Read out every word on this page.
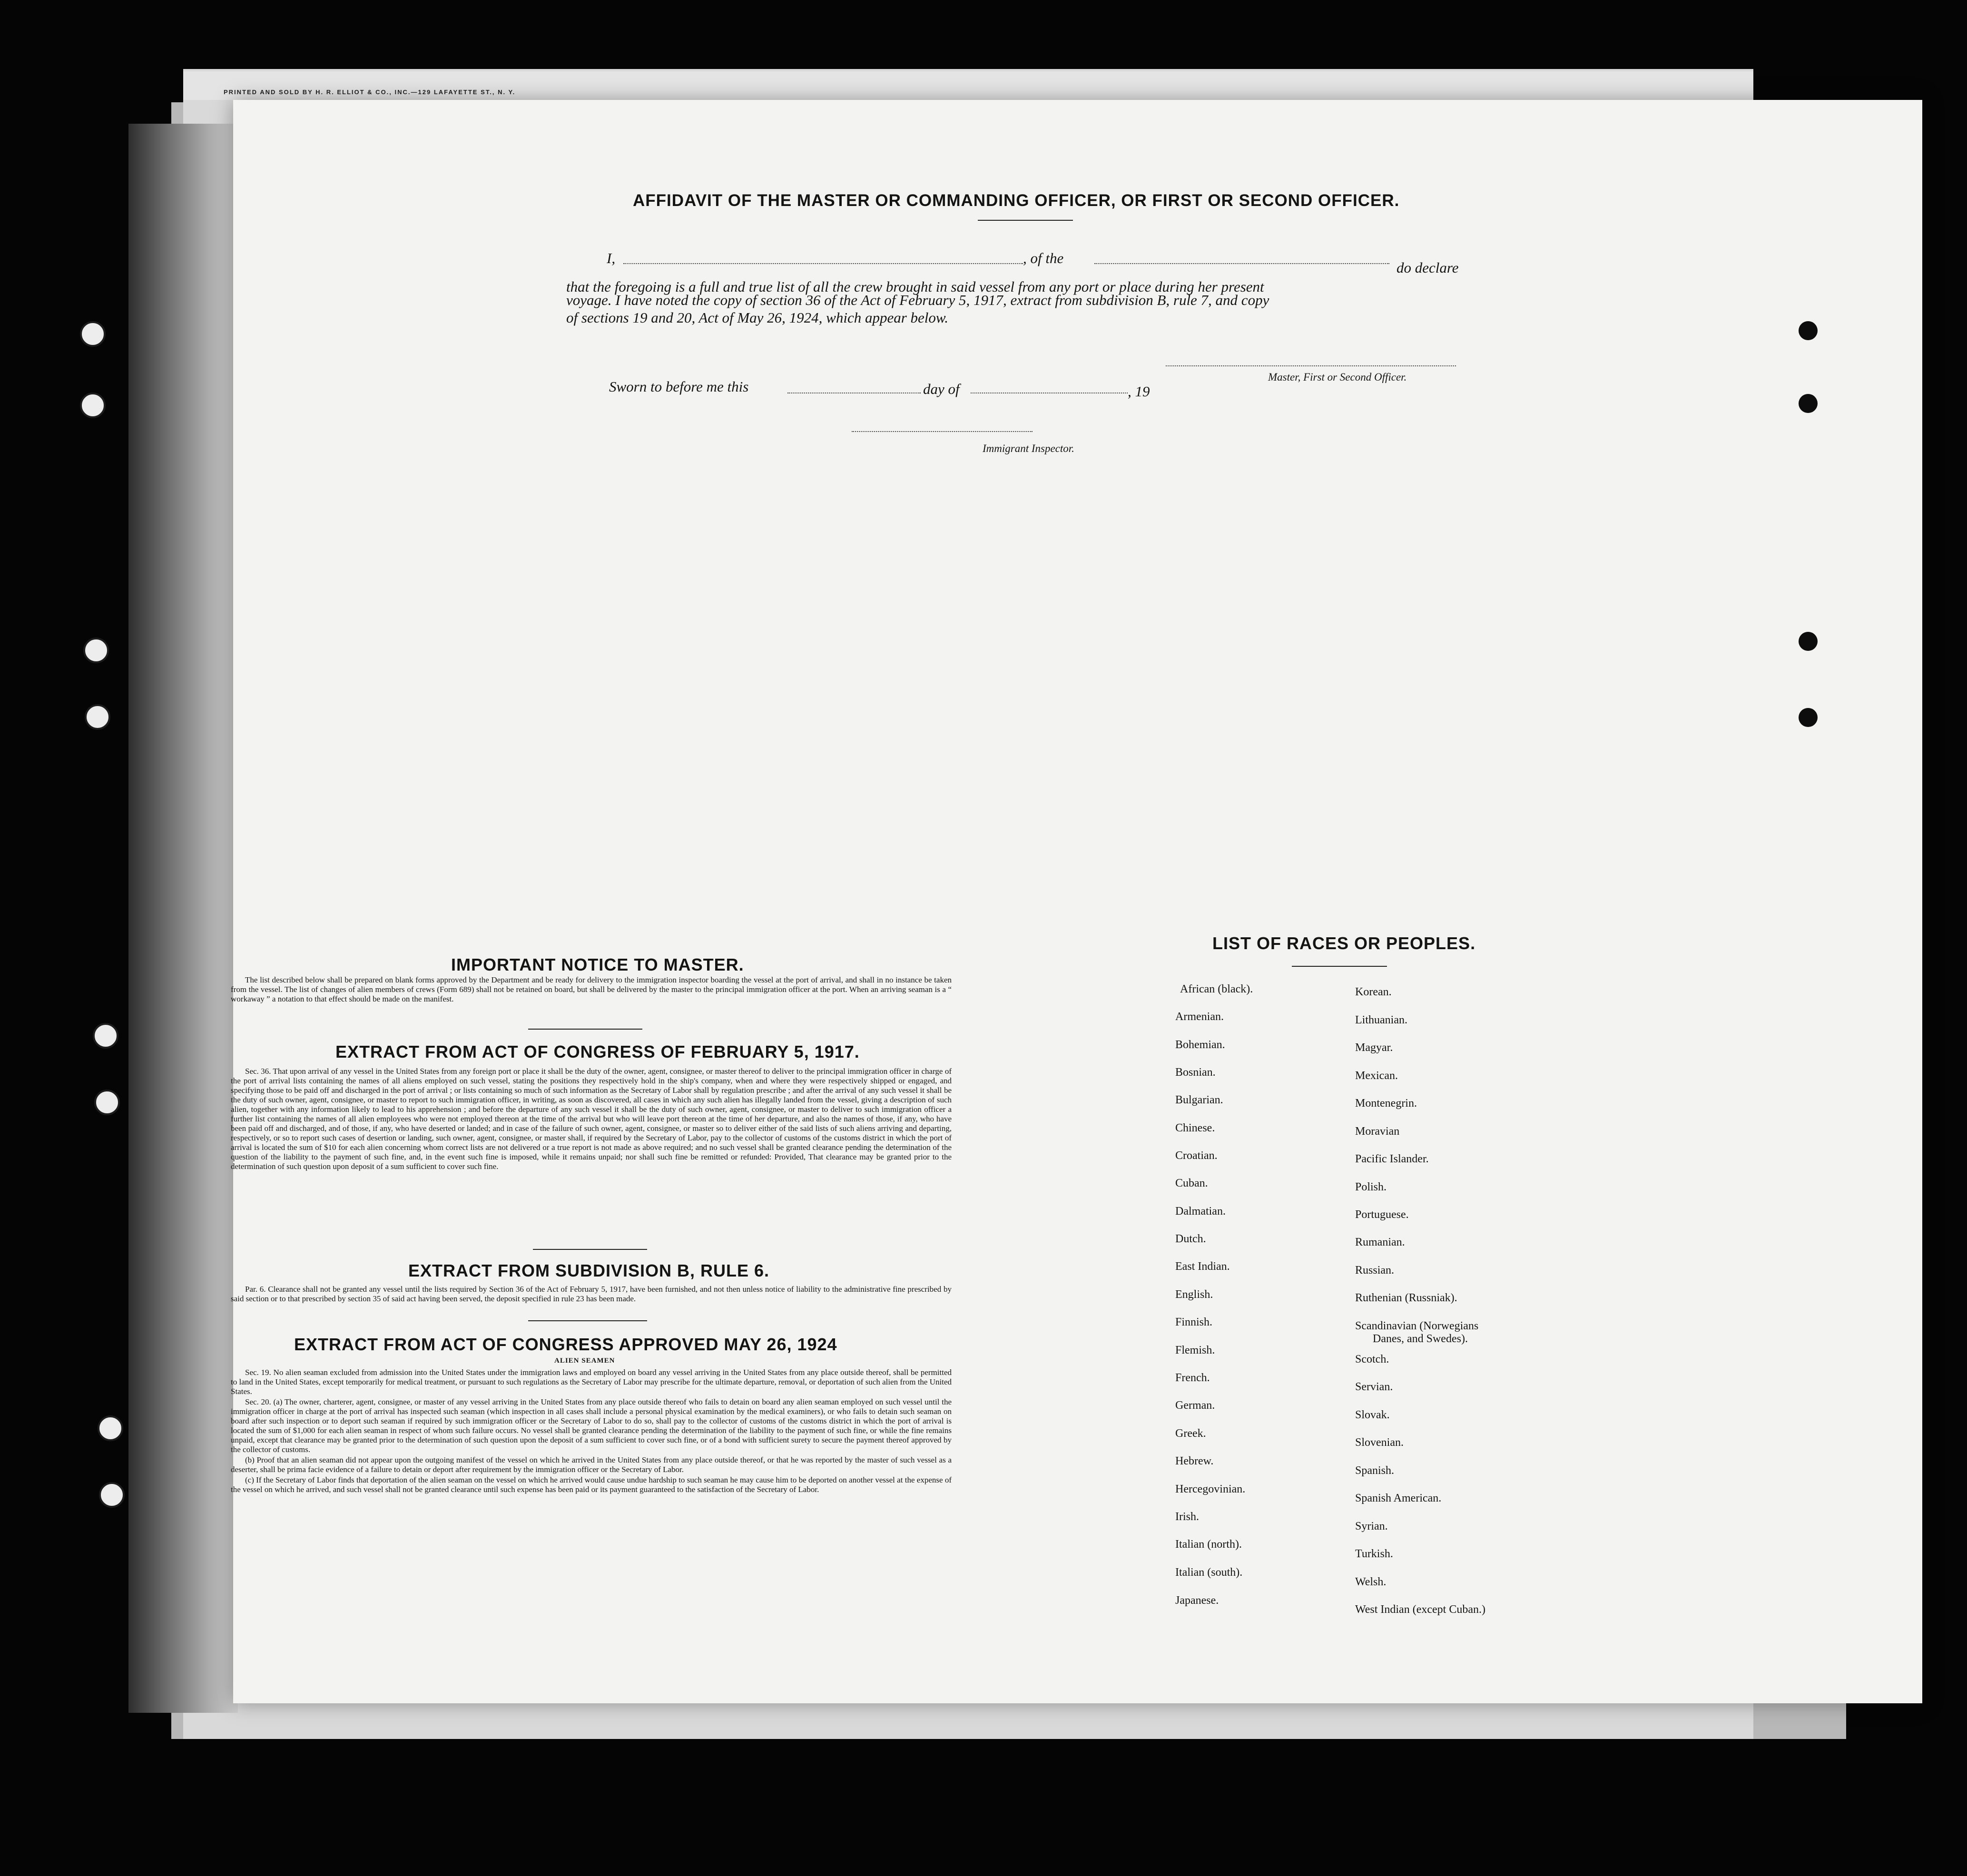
PRINTED AND SOLD BY H. R. ELLIOT & CO., INC.—129 LAFAYETTE ST., N. Y.
AFFIDAVIT OF THE MASTER OR COMMANDING OFFICER, OR FIRST OR SECOND OFFICER.
I,	, of the
do declare
that the foregoing is a full and true list of all the crew brought in said vessel from any port or place during her present
voyage. I have noted the copy of section 36 of the Act of February 5, 1917, extract from subdivision B, rule 7, and copy
of sections 19 and 20, Act of May 26, 1924, which appear below.
Master, First or Second Officer.
Sworn to before me this	day of	, 19
Immigrant Inspector.
IMPORTANT NOTICE TO MASTER.

The list described below shall be prepared on blank forms approved by the Department and be ready for delivery to the immigration inspector boarding the vessel at the port of arrival, and shall in no instance be taken from the vessel. The list of changes of alien members of crews (Form 689) shall not be retained on board, but shall be delivered by the master to the principal immigration officer at the port. When an arriving seaman is a “ workaway ” a notation to that effect should be made on the manifest.

EXTRACT FROM ACT OF CONGRESS OF FEBRUARY 5, 1917.

Sec. 36. That upon arrival of any vessel in the United States from any foreign port or place it shall be the duty of the owner, agent, consignee, or master thereof to deliver to the principal immigration officer in charge of the port of arrival lists containing the names of all aliens employed on such vessel, stating the positions they respectively hold in the ship's company, when and where they were respectively shipped or engaged, and specifying those to be paid off and discharged in the port of arrival ; or lists containing so much of such information as the Secretary of Labor shall by regulation prescribe ; and after the arrival of any such vessel it shall be the duty of such owner, agent, consignee, or master to report to such immigration officer, in writing, as soon as discovered, all cases in which any such alien has illegally landed from the vessel, giving a description of such alien, together with any information likely to lead to his apprehension ; and before the departure of any such vessel it shall be the duty of such owner, agent, consignee, or master to deliver to such immigration officer a further list containing the names of all alien employees who were not employed thereon at the time of the arrival but who will leave port thereon at the time of her departure, and also the names of those, if any, who have been paid off and discharged, and of those, if any, who have deserted or landed; and in case of the failure of such owner, agent, consignee, or master so to deliver either of the said lists of such aliens arriving and departing, respectively, or so to report such cases of desertion or landing, such owner, agent, consignee, or master shall, if required by the Secretary of Labor, pay to the collector of customs of the customs district in which the port of arrival is located the sum of $10 for each alien concerning whom correct lists are not delivered or a true report is not made as above required; and no such vessel shall be granted clearance pending the determination of the question of the liability to the payment of such fine, and, in the event such fine is imposed, while it remains unpaid; nor shall such fine be remitted or refunded: Provided, That clearance may be granted prior to the determination of such question upon deposit of a sum sufficient to cover such fine.

EXTRACT FROM SUBDIVISION B, RULE 6.

Par. 6. Clearance shall not be granted any vessel until the lists required by Section 36 of the Act of February 5, 1917, have been furnished, and not then unless notice of liability to the administrative fine prescribed by said section or to that prescribed by section 35 of said act having been served, the deposit specified in rule 23 has been made.

EXTRACT FROM ACT OF CONGRESS APPROVED MAY 26, 1924
ALIEN SEAMEN

Sec. 19. No alien seaman excluded from admission into the United States under the immigration laws and employed on board any vessel arriving in the United States from any place outside thereof, shall be permitted to land in the United States, except temporarily for medical treatment, or pursuant to such regulations as the Secretary of Labor may prescribe for the ultimate departure, removal, or deportation of such alien from the United States.

Sec. 20. (a) The owner, charterer, agent, consignee, or master of any vessel arriving in the United States from any place outside thereof who fails to detain on board any alien seaman employed on such vessel until the immigration officer in charge at the port of arrival has inspected such seaman (which inspection in all cases shall include a personal physical examination by the medical examiners), or who fails to detain such seaman on board after such inspection or to deport such seaman if required by such immigration officer or the Secretary of Labor to do so, shall pay to the collector of customs of the customs district in which the port of arrival is located the sum of $1,000 for each alien seaman in respect of whom such failure occurs. No vessel shall be granted clearance pending the determination of the liability to the payment of such fine, or while the fine remains unpaid, except that clearance may be granted prior to the determination of such question upon the deposit of a sum sufficient to cover such fine, or of a bond with sufficient surety to secure the payment thereof approved by the collector of customs.

(b) Proof that an alien seaman did not appear upon the outgoing manifest of the vessel on which he arrived in the United States from any place outside thereof, or that he was reported by the master of such vessel as a deserter, shall be prima facie evidence of a failure to detain or deport after requirement by the immigration officer or the Secretary of Labor.

(c) If the Secretary of Labor finds that deportation of the alien seaman on the vessel on which he arrived would cause undue hardship to such seaman he may cause him to be deported on another vessel at the expense of the vessel on which he arrived, and such vessel shall not be granted clearance until such expense has been paid or its payment guaranteed to the satisfaction of the Secretary of Labor.

LIST OF RACES OR PEOPLES.
African (black).
Armenian.
Bohemian.
Bosnian.
Bulgarian.
Chinese.
Croatian.
Cuban.
Dalmatian.
Dutch.
East Indian.
English.
Finnish.
Flemish.
French.
German.
Greek.
Hebrew.
Hercegovinian.
Irish.
Italian (north).
Italian (south).
Japanese.
Korean.
Lithuanian.
Magyar.
Mexican.
Montenegrin.
Moravian
Pacific Islander.
Polish.
Portuguese.
Rumanian.
Russian.
Ruthenian (Russniak).
Scandinavian (Norwegians
Danes, and Swedes).
Scotch.
Servian.
Slovak.
Slovenian.
Spanish.
Spanish American.
Syrian.
Turkish.
Welsh.
West Indian (except Cuban.)
